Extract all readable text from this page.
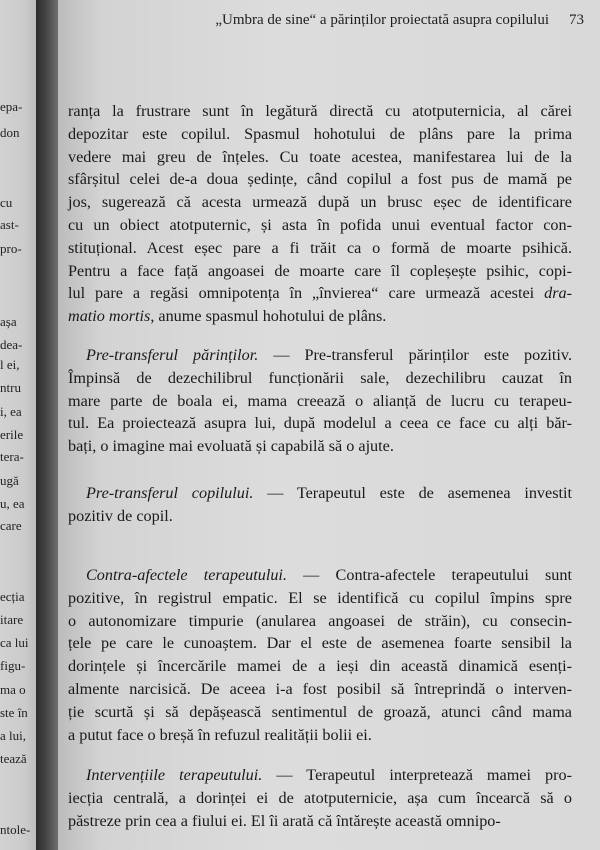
epa-
don
cu
ast-
pro-
așa
dea-
l ei,
ntru
i, ea
erile
tera-
ugă
u, ea
care
ecția
itare
ca lui
figu-
ma o
ste în
a lui,
tează
ntole-
„Umbra de sine“ a părinților proiectată asupra copilului 73
ranța la frustrare sunt în legătură directă cu atotputernicia, al cărei
depozitar este copilul. Spasmul hohotului de plâns pare la prima
vedere mai greu de înțeles. Cu toate acestea, manifestarea lui de la
sfârșitul celei de-a doua ședințe, când copilul a fost pus de mamă pe
jos, sugerează că acesta urmează după un brusc eșec de identificare
cu un obiect atotputernic, și asta în pofida unui eventual factor con-
stituțional. Acest eșec pare a fi trăit ca o formă de moarte psihică.
Pentru a face față angoasei de moarte care îl copleșește psihic, copi-
lul pare a regăsi omnipotența în „învierea“ care urmează acestei dra-
matio mortis, anume spasmul hohotului de plâns.
Pre-transferul părinților. — Pre-transferul părinților este pozitiv.
Împinsă de dezechilibrul funcționării sale, dezechilibru cauzat în
mare parte de boala ei, mama creează o alianță de lucru cu terapeu-
tul. Ea proiectează asupra lui, după modelul a ceea ce face cu alți băr-
bați, o imagine mai evoluată și capabilă să o ajute.
Pre-transferul copilului. — Terapeutul este de asemenea investit
pozitiv de copil.
Contra-afectele terapeutului. — Contra-afectele terapeutului sunt
pozitive, în registrul empatic. El se identifică cu copilul împins spre
o autonomizare timpurie (anularea angoasei de străin), cu consecin-
țele pe care le cunoaștem. Dar el este de asemenea foarte sensibil la
dorințele și încercările mamei de a ieși din această dinamică esenți-
almente narcisică. De aceea i-a fost posibil să întreprindă o interven-
ție scurtă și să depășească sentimentul de groază, atunci când mama
a putut face o breșă în refuzul realității bolii ei.
Intervențiile terapeutului. — Terapeutul interpretează mamei pro-
iecția centrală, a dorinței ei de atotputernicie, așa cum încearcă să o
păstreze prin cea a fiului ei. El îi arată că întărește această omnipo-
